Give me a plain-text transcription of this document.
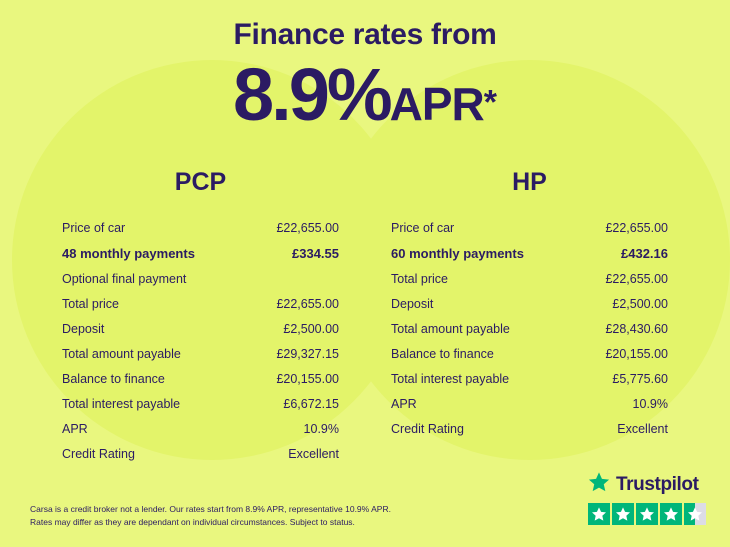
Finance rates from
8.9%APR*
PCP
Price of car	£22,655.00
48 monthly payments	£334.55
Optional final payment
Total price	£22,655.00
Deposit	£2,500.00
Total amount payable	£29,327.15
Balance to finance	£20,155.00
Total interest payable	£6,672.15
APR	10.9%
Credit Rating	Excellent
HP
Price of car	£22,655.00
60 monthly payments	£432.16
Total price	£22,655.00
Deposit	£2,500.00
Total amount payable	£28,430.60
Balance to finance	£20,155.00
Total interest payable	£5,775.60
APR	10.9%
Credit Rating	Excellent
Carsa is a credit broker not a lender. Our rates start from 8.9% APR, representative 10.9% APR.
Rates may differ as they are dependant on individual circumstances. Subject to status.
Trustpilot
